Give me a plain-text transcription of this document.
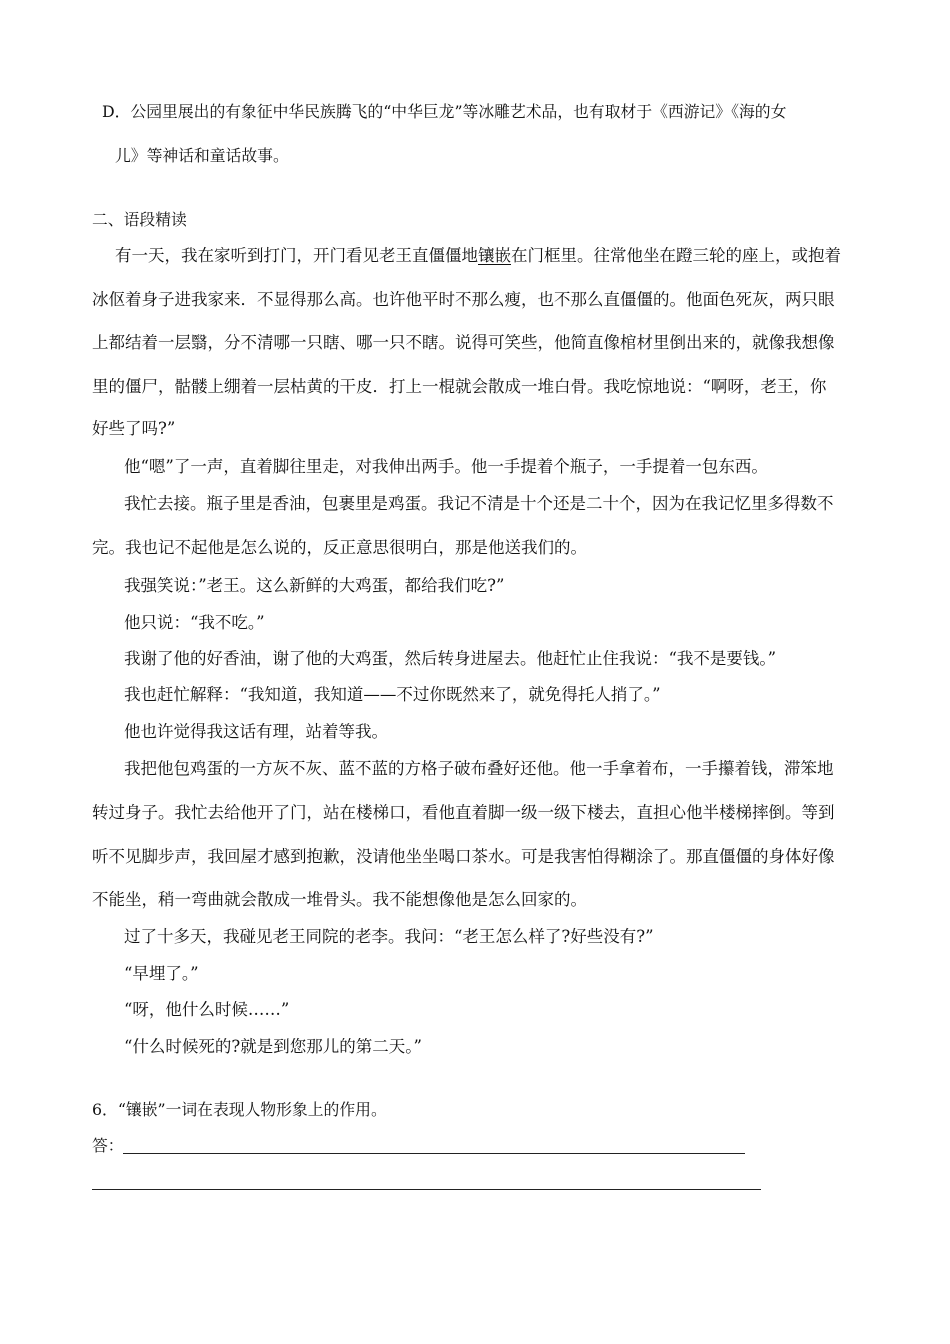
D．公园里展出的有象征中华民族腾飞的“中华巨龙”等冰雕艺术品，也有取材于《西游记》《海的女
儿》等神话和童话故事。
二、语段精读
有一天，我在家听到打门，开门看见老王直僵僵地镶嵌在门框里。往常他坐在蹬三轮的座上，或抱着
冰伛着身子进我家来．不显得那么高。也许他平时不那么瘦，也不那么直僵僵的。他面色死灰，两只眼
上都结着一层翳，分不清哪一只瞎、哪一只不瞎。说得可笑些，他简直像棺材里倒出来的，就像我想像
里的僵尸，骷髅上绷着一层枯黄的干皮．打上一棍就会散成一堆白骨。我吃惊地说：“啊呀，老王，你
好些了吗?”
他“嗯”了一声，直着脚往里走，对我伸出两手。他一手提着个瓶子，一手提着一包东西。
我忙去接。瓶子里是香油，包裹里是鸡蛋。我记不清是十个还是二十个，因为在我记忆里多得数不
完。我也记不起他是怎么说的，反正意思很明白，那是他送我们的。
我强笑说：”老王。这么新鲜的大鸡蛋，都给我们吃?”
他只说：“我不吃。”
我谢了他的好香油，谢了他的大鸡蛋，然后转身进屋去。他赶忙止住我说：“我不是要钱。”
我也赶忙解释：“我知道，我知道——不过你既然来了，就免得托人捎了。”
他也许觉得我这话有理，站着等我。
我把他包鸡蛋的一方灰不灰、蓝不蓝的方格子破布叠好还他。他一手拿着布，一手攥着钱，滞笨地
转过身子。我忙去给他开了门，站在楼梯口，看他直着脚一级一级下楼去，直担心他半楼梯摔倒。等到
听不见脚步声，我回屋才感到抱歉，没请他坐坐喝口茶水。可是我害怕得糊涂了。那直僵僵的身体好像
不能坐，稍一弯曲就会散成一堆骨头。我不能想像他是怎么回家的。
过了十多天，我碰见老王同院的老李。我问：“老王怎么样了?好些没有?”
“早埋了。”
“呀，他什么时候……”
“什么时候死的?就是到您那儿的第二天。”
6．“镶嵌”一词在表现人物形象上的作用。
答：
